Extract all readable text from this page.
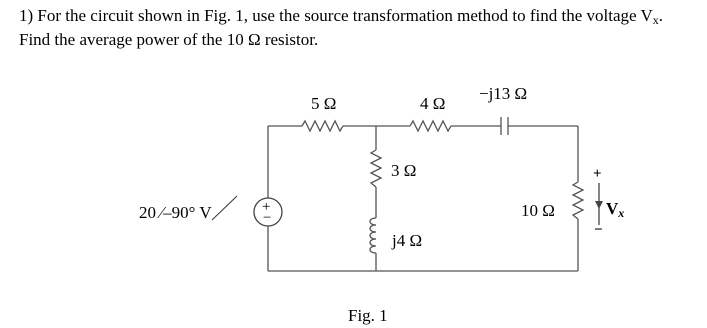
1) For the circuit shown in Fig. 1, use the source transformation method to find the voltage $V_x$.
Find the average power of the 10 Ω resistor.
+
−
20 ⁄–90° V
5 Ω	4 Ω
−j13 Ω
3 Ω
j4 Ω
10 Ω
+
−
$V_x$
Fig. 1
